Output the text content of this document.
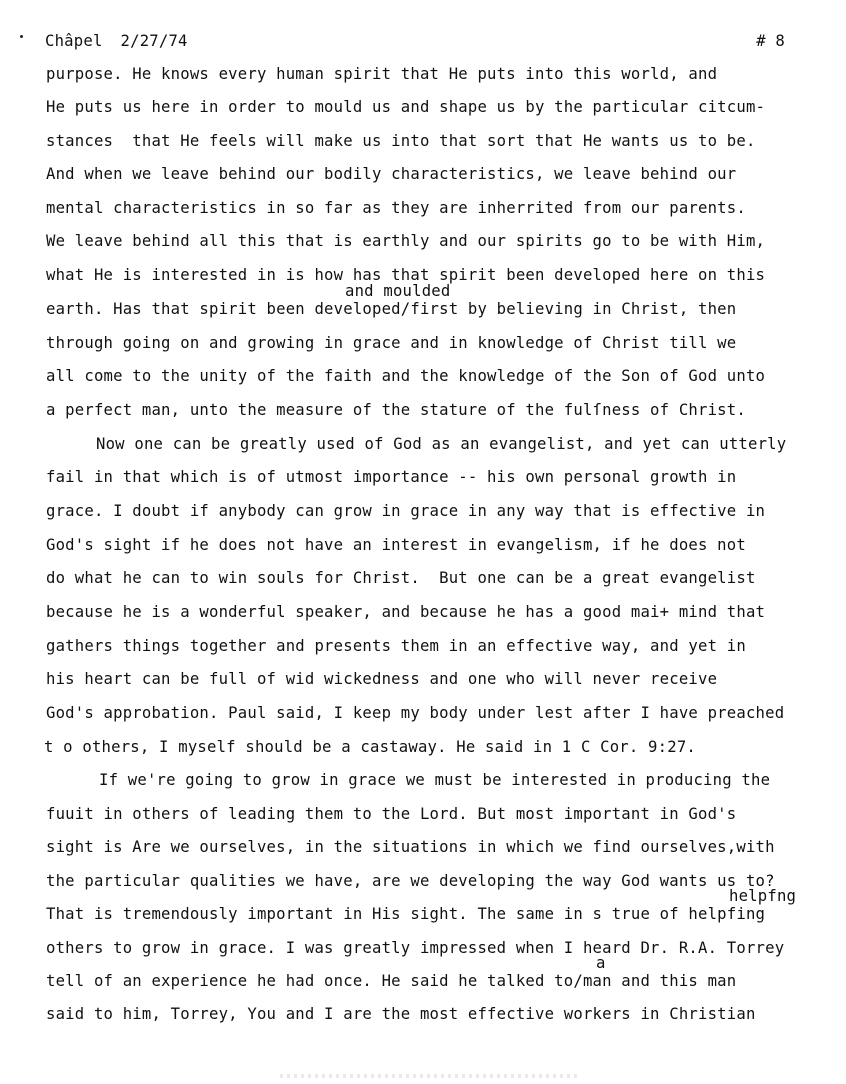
Châpel 2/27/74	# 8
purpose. He knows every human spirit that He puts into this world, and
He puts us here in order to mould us and shape us by the particular citcum-
stances  that He feels will make us into that sort that He wants us to be.
And when we leave behind our bodily characteristics, we leave behind our
mental characteristics in so far as they are inherrited from our parents.
We leave behind all this that is earthly and our spirits go to be with Him,
what He is interested in is how has that spirit been developed here on this
and moulded
earth. Has that spirit been developed/first by believing in Christ, then
through going on and growing in grace and in knowledge of Christ till we
all come to the unity of the faith and the knowledge of the Son of God unto
a perfect man, unto the measure of the stature of the fulſness of Christ.
Now one can be greatly used of God as an evangelist, and yet can utterly
fail in that which is of utmost importance -- his own personal growth in
grace. I doubt if anybody can grow in grace in any way that is effective in
God's sight if he does not have an interest in evangelism, if he does not
do what he can to win souls for Christ.  But one can be a great evangelist
because he is a wonderful speaker, and because he has a good mai+ mind that
gathers things together and presents them in an effective way, and yet in
his heart can be full of wid wickedness and one who will never receive
God's approbation. Paul said, I keep my body under lest after I have preached
t o others, I myself should be a castaway. He said in 1 C Cor. 9:27.
If we're going to grow in grace we must be interested in producing the
fuuit in others of leading them to the Lord. But most important in God's
sight is Are we ourselves, in the situations in which we find ourselves,with
the particular qualities we have, are we developing the way God wants us to?
helpfng
That is tremendously important in His sight. The same in s true of helpfing
others to grow in grace. I was greatly impressed when I heard Dr. R.A. Torrey
a
tell of an experience he had once. He said he talked to/man and this man
said to him, Torrey, You and I are the most effective workers in Christian
